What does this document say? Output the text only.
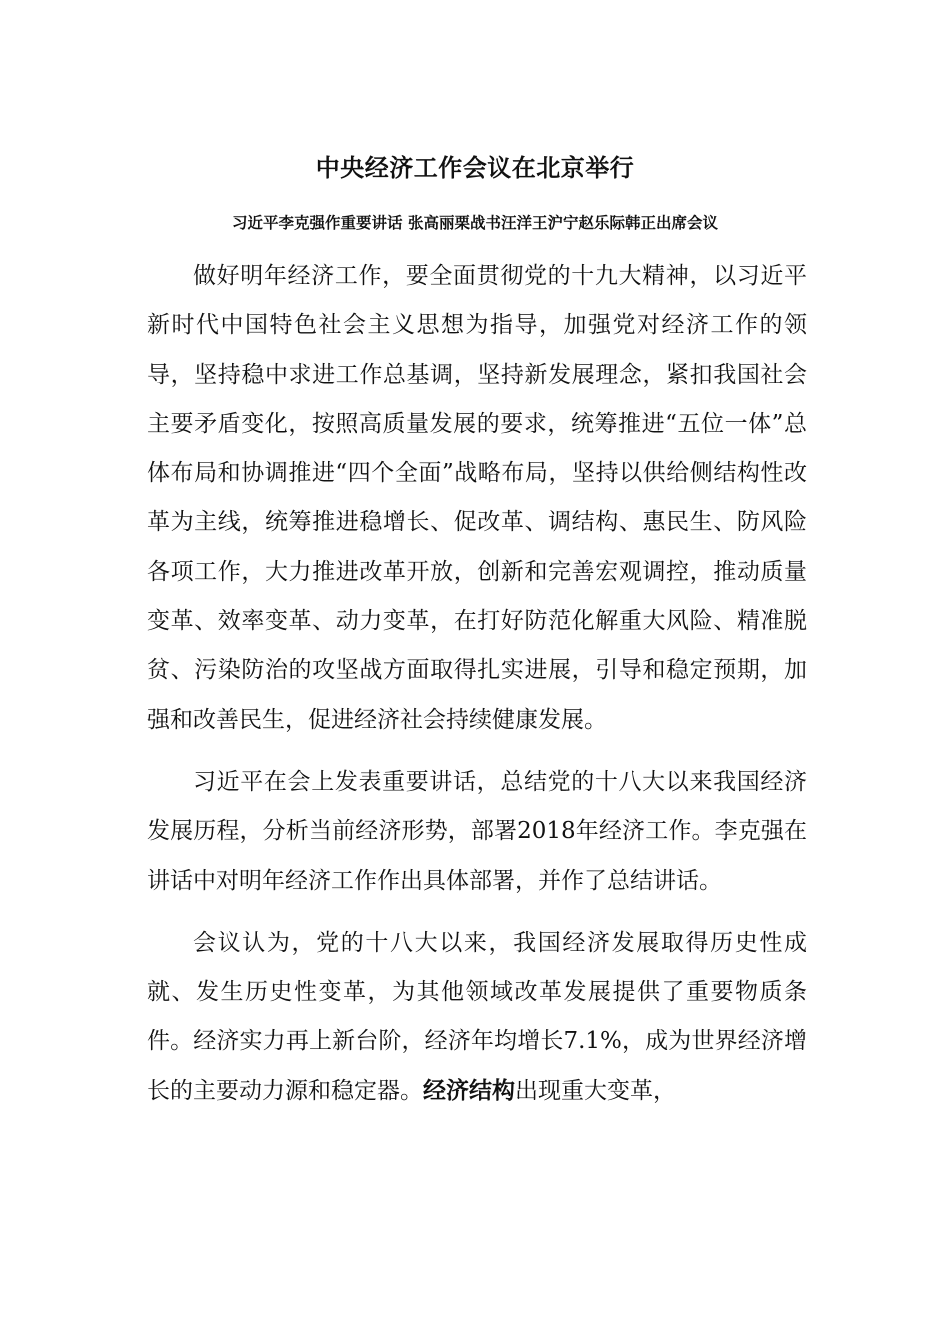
中央经济工作会议在北京举行
习近平李克强作重要讲话 张高丽栗战书汪洋王沪宁赵乐际韩正出席会议

做好明年经济工作，要全面贯彻党的十九大精神，以习近平新时代中国特色社会主义思想为指导，加强党对经济工作的领导，坚持稳中求进工作总基调，坚持新发展理念，紧扣我国社会主要矛盾变化，按照高质量发展的要求，统筹推进“五位一体”总体布局和协调推进“四个全面”战略布局，坚持以供给侧结构性改革为主线，统筹推进稳增长、促改革、调结构、惠民生、防风险各项工作，大力推进改革开放，创新和完善宏观调控，推动质量变革、效率变革、动力变革，在打好防范化解重大风险、精准脱贫、污染防治的攻坚战方面取得扎实进展，引导和稳定预期，加强和改善民生，促进经济社会持续健康发展。

习近平在会上发表重要讲话，总结党的十八大以来我国经济发展历程，分析当前经济形势，部署2018年经济工作。李克强在讲话中对明年经济工作作出具体部署，并作了总结讲话。

会议认为，党的十八大以来，我国经济发展取得历史性成就、发生历史性变革，为其他领域改革发展提供了重要物质条件。经济实力再上新台阶，经济年均增长7.1%，成为世界经济增长的主要动力源和稳定器。经济结构出现重大变革，
